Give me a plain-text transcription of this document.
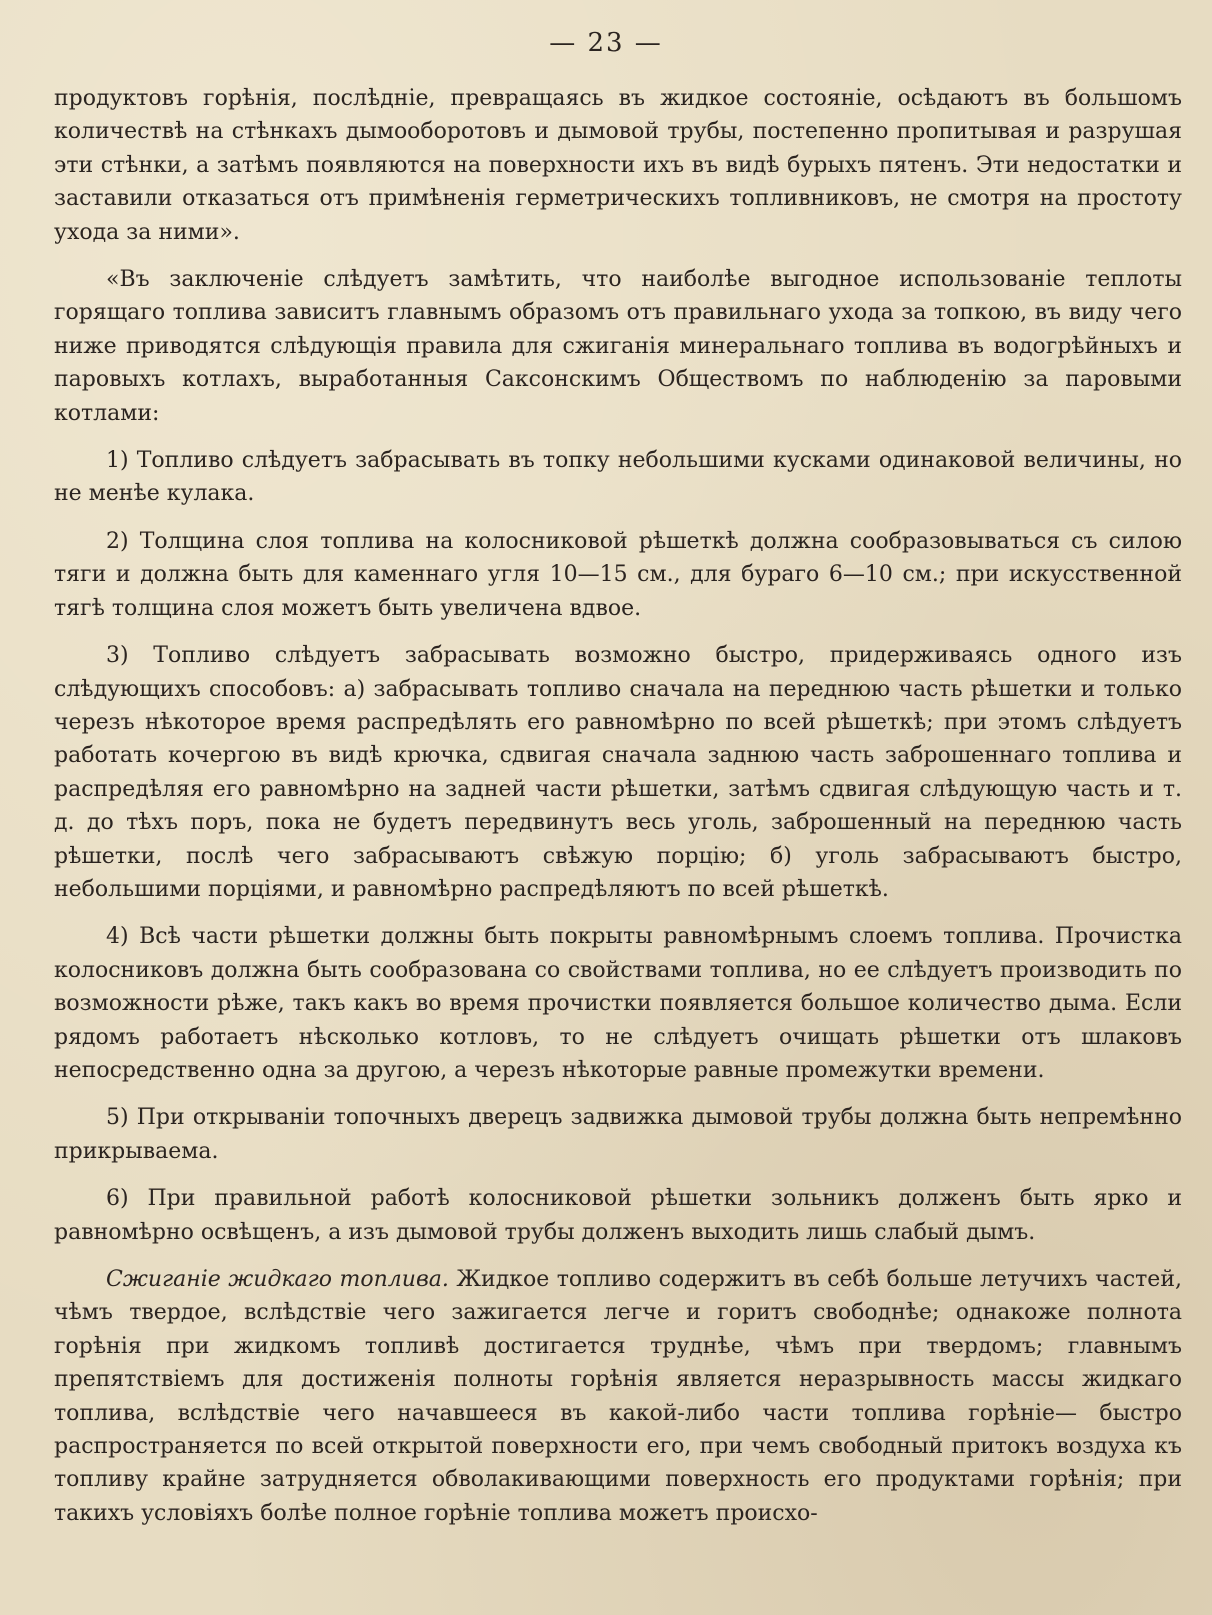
— 23 —

продуктовъ горѣнія, послѣдніе, превращаясь въ жидкое состояніе, осѣдаютъ въ большомъ количествѣ на стѣнкахъ дымооборотовъ и дымовой трубы, постепенно пропитывая и разрушая эти стѣнки, а затѣмъ появляются на поверхности ихъ въ видѣ бурыхъ пятенъ. Эти недостатки и заставили отказаться отъ примѣненія герметрическихъ топливниковъ, не смотря на простоту ухода за ними».

«Въ заключеніе слѣдуетъ замѣтить, что наиболѣе выгодное использованіе теплоты горящаго топлива зависитъ главнымъ образомъ отъ правильнаго ухода за топкою, въ виду чего ниже приводятся слѣдующія правила для сжиганія минеральнаго топлива въ водогрѣйныхъ и паровыхъ котлахъ, выработанныя Саксонскимъ Обществомъ по наблюденію за паровыми котлами:

1) Топливо слѣдуетъ забрасывать въ топку небольшими кусками одинаковой величины, но не менѣе кулака.

2) Толщина слоя топлива на колосниковой рѣшеткѣ должна сообразовываться съ силою тяги и должна быть для каменнаго угля 10—15 см., для бураго 6—10 см.; при искусственной тягѣ толщина слоя можетъ быть увеличена вдвое.

3) Топливо слѣдуетъ забрасывать возможно быстро, придерживаясь одного изъ слѣдующихъ способовъ: а) забрасывать топливо сначала на переднюю часть рѣшетки и только черезъ нѣкоторое время распредѣлять его равномѣрно по всей рѣшеткѣ; при этомъ слѣдуетъ работать кочергою въ видѣ крючка, сдвигая сначала заднюю часть заброшеннаго топлива и распредѣляя его равномѣрно на задней части рѣшетки, затѣмъ сдвигая слѣдующую часть и т. д. до тѣхъ поръ, пока не будетъ передвинутъ весь уголь, заброшенный на переднюю часть рѣшетки, послѣ чего забрасываютъ свѣжую порцію; б) уголь забрасываютъ быстро, небольшими порціями, и равномѣрно распредѣляютъ по всей рѣшеткѣ.

4) Всѣ части рѣшетки должны быть покрыты равномѣрнымъ слоемъ топлива. Прочистка колосниковъ должна быть сообразована со свойствами топлива, но ее слѣдуетъ производить по возможности рѣже, такъ какъ во время прочистки появляется большое количество дыма. Если рядомъ работаетъ нѣсколько котловъ, то не слѣдуетъ очищать рѣшетки отъ шлаковъ непосредственно одна за другою, а черезъ нѣкоторые равные промежутки времени.

5) При открываніи топочныхъ дверецъ задвижка дымовой трубы должна быть непремѣнно прикрываема.

6) При правильной работѣ колосниковой рѣшетки зольникъ долженъ быть ярко и равномѣрно освѣщенъ, а изъ дымовой трубы долженъ выходить лишь слабый дымъ.

Сжиганіе жидкаго топлива. Жидкое топливо содержитъ въ себѣ больше летучихъ частей, чѣмъ твердое, вслѣдствіе чего зажигается легче и горитъ свободнѣе; однакоже полнота горѣнія при жидкомъ топливѣ достигается труднѣе, чѣмъ при твердомъ; главнымъ препятствіемъ для достиженія полноты горѣнія является неразрывность массы жидкаго топлива, вслѣдствіе чего начавшееся въ какой-либо части топлива горѣніе— быстро распространяется по всей открытой поверхности его, при чемъ свободный притокъ воздуха къ топливу крайне затрудняется обволакивающими поверхность его продуктами горѣнія; при такихъ условіяхъ болѣе полное горѣніе топлива можетъ происхо-
